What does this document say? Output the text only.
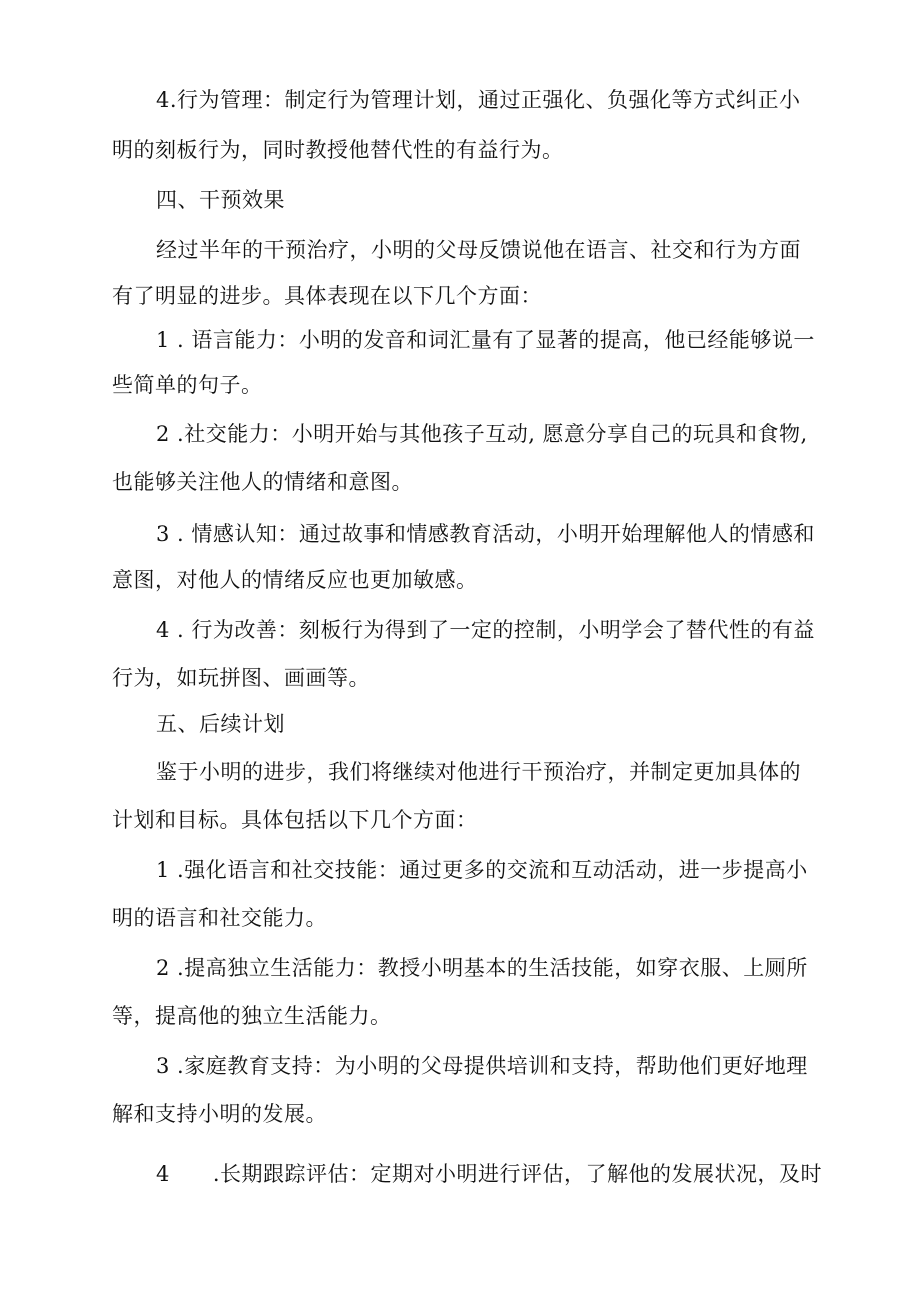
4.行为管理：制定行为管理计划，通过正强化、负强化等方式纠正小
明的刻板行为，同时教授他替代性的有益行为。
四、干预效果
经过半年的干预治疗，小明的父母反馈说他在语言、社交和行为方面
有了明显的进步。具体表现在以下几个方面：
1 . 语言能力：小明的发音和词汇量有了显著的提高，他已经能够说一
些简单的句子。
2 .社交能力：小明开始与其他孩子互动, 愿意分享自己的玩具和食物,
也能够关注他人的情绪和意图。
3 . 情感认知：通过故事和情感教育活动，小明开始理解他人的情感和
意图，对他人的情绪反应也更加敏感。
4 . 行为改善：刻板行为得到了一定的控制，小明学会了替代性的有益
行为，如玩拼图、画画等。
五、后续计划
鉴于小明的进步，我们将继续对他进行干预治疗，并制定更加具体的
计划和目标。具体包括以下几个方面：
1 .强化语言和社交技能：通过更多的交流和互动活动，进一步提高小
明的语言和社交能力。
2 .提高独立生活能力：教授小明基本的生活技能，如穿衣服、上厕所
等，提高他的独立生活能力。
3 .家庭教育支持：为小明的父母提供培训和支持，帮助他们更好地理
解和支持小明的发展。
4　　.长期跟踪评估：定期对小明进行评估，了解他的发展状况，及时
